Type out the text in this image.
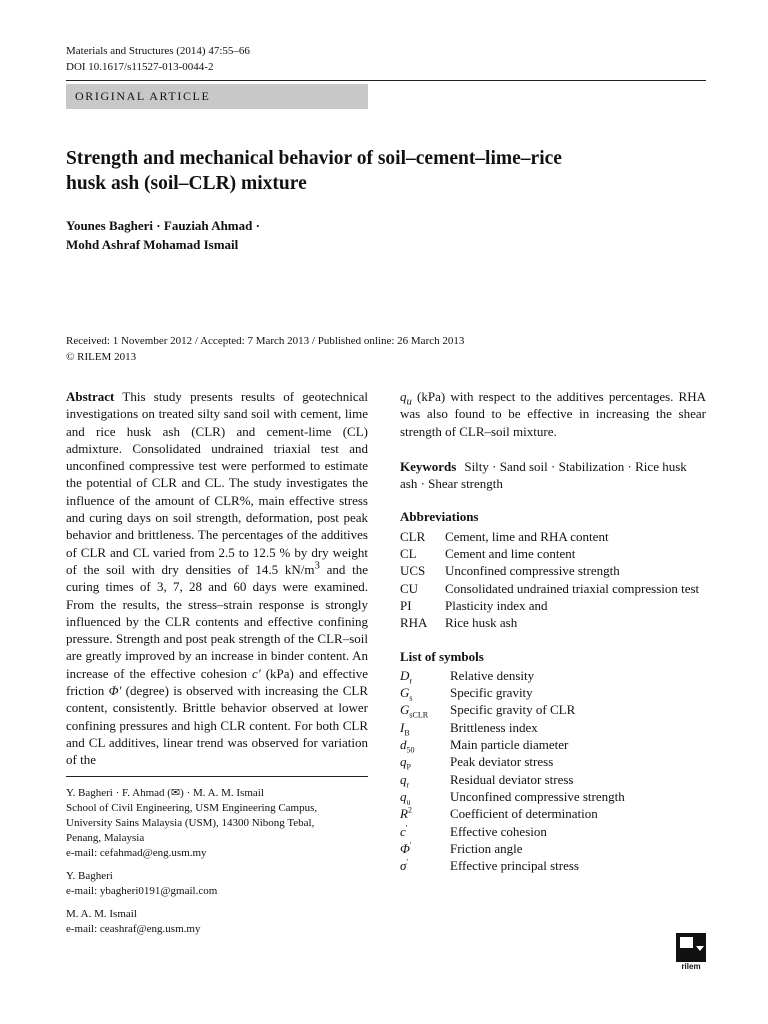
Materials and Structures (2014) 47:55–66
DOI 10.1617/s11527-013-0044-2
ORIGINAL ARTICLE
Strength and mechanical behavior of soil–cement–lime–rice
husk ash (soil–CLR) mixture
Younes Bagheri · Fauziah Ahmad ·
Mohd Ashraf Mohamad Ismail
Received: 1 November 2012 / Accepted: 7 March 2013 / Published online: 26 March 2013
© RILEM 2013
Abstract This study presents results of geotechnical investigations on treated silty sand soil with cement, lime and rice husk ash (CLR) and cement-lime (CL) admixture. Consolidated undrained triaxial test and unconfined compressive test were performed to estimate the potential of CLR and CL. The study investigates the influence of the amount of CLR%, main effective stress and curing days on soil strength, deformation, post peak behavior and brittleness. The percentages of the additives of CLR and CL varied from 2.5 to 12.5 % by dry weight of the soil with dry densities of 14.5 $kN/m^3$ and the curing times of 3, 7, 28 and 60 days were examined. From the results, the stress–strain response is strongly influenced by the CLR contents and effective confining pressure. Strength and post peak strength of the CLR–soil are greatly improved by an increase in binder content. An increase of the effective cohesion c′ (kPa) and effective friction Φ′ (degree) is observed with increasing the CLR content, consistently. Brittle behavior observed at lower confining pressures and high CLR content. For both CLR and CL additives, linear trend was observed for variation of the
$q_u$ (kPa) with respect to the additives percentages. RHA was also found to be effective in increasing the shear strength of CLR–soil mixture.
Keywords Silty · Sand soil · Stabilization · Rice husk ash · Shear strength
Abbreviations
CLR	Cement, lime and RHA content
CL	Cement and lime content
UCS	Unconfined compressive strength
CU	Consolidated undrained triaxial compression test
PI	Plasticity index and
RHA	Rice husk ash
List of symbols
$D_r$	Relative density
$G_s$	Specific gravity
$G_{sCLR}$	Specific gravity of CLR
$I_B$	Brittleness index
$d_{50}$	Main particle diameter
$q_P$	Peak deviator stress
$q_r$	Residual deviator stress
$q_u$	Unconfined compressive strength
$R^2$	Coefficient of determination
c′	Effective cohesion
Φ′	Friction angle
σ′	Effective principal stress

Y. Bagheri · F. Ahmad (✉) · M. A. M. Ismail
School of Civil Engineering, USM Engineering Campus,
University Sains Malaysia (USM), 14300 Nibong Tebal,
Penang, Malaysia
e-mail: cefahmad@eng.usm.my

Y. Bagheri
e-mail: ybagheri0191@gmail.com

M. A. M. Ismail
e-mail: ceashraf@eng.usm.my

rilem
